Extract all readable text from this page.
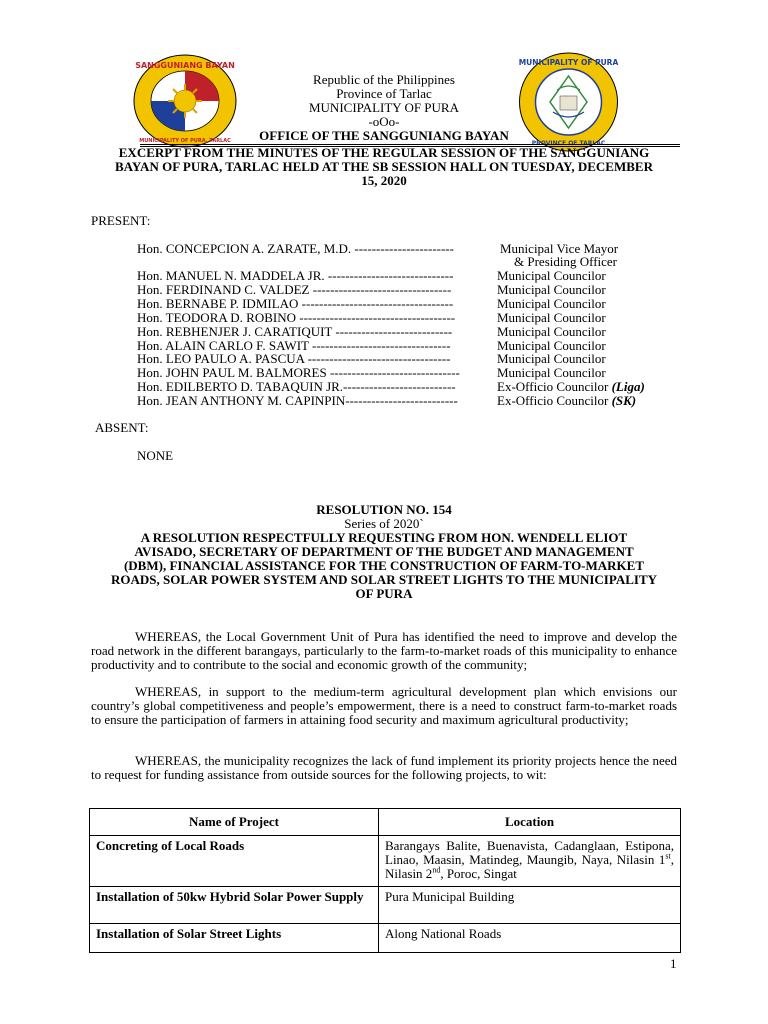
SANGGUNIANG BAYAN
MUNICIPALITY OF PURA, TARLAC
MUNICIPALITY OF PURA
PROVINCE OF TARLAC
Republic of the Philippines
Province of Tarlac
MUNICIPALITY OF PURA
-oOo-
OFFICE OF THE SANGGUNIANG BAYAN
EXCERPT FROM THE MINUTES OF THE REGULAR SESSION OF THE SANGGUNIANG
BAYAN OF PURA, TARLAC HELD AT THE SB SESSION HALL ON TUESDAY, DECEMBER
15, 2020
PRESENT:
Hon. CONCEPCION A. ZARATE, M.D. -----------------------	Municipal Vice Mayor
& Presiding Officer
Hon. MANUEL N. MADDELA JR. -----------------------------	Municipal Councilor
Hon. FERDINAND C. VALDEZ --------------------------------	Municipal Councilor
Hon. BERNABE P. IDMILAO -----------------------------------	Municipal Councilor
Hon. TEODORA D. ROBINO ------------------------------------	Municipal Councilor
Hon. REBHENJER J. CARATIQUIT ---------------------------	Municipal Councilor
Hon. ALAIN CARLO F. SAWIT --------------------------------	Municipal Councilor
Hon. LEO PAULO A. PASCUA ---------------------------------	Municipal Councilor
Hon. JOHN PAUL M. BALMORES ------------------------------	Municipal Councilor
Hon. EDILBERTO D. TABAQUIN JR.--------------------------	Ex-Officio Councilor (Liga)
Hon. JEAN ANTHONY M. CAPINPIN--------------------------	Ex-Officio Councilor (SK)
ABSENT:
NONE
RESOLUTION NO. 154
Series of 2020`
A RESOLUTION RESPECTFULLY REQUESTING FROM HON. WENDELL ELIOT
AVISADO, SECRETARY OF DEPARTMENT OF THE BUDGET AND MANAGEMENT
(DBM), FINANCIAL ASSISTANCE FOR THE CONSTRUCTION OF FARM-TO-MARKET
ROADS, SOLAR POWER SYSTEM AND SOLAR STREET LIGHTS TO THE MUNICIPALITY
OF PURA
WHEREAS, the Local Government Unit of Pura has identified the need to improve and develop the road network in the different barangays, particularly to the farm-to-market roads of this municipality to enhance productivity and to contribute to the social and economic growth of the community;
WHEREAS, in support to the medium-term agricultural development plan which envisions our country’s global competitiveness and people’s empowerment, there is a need to construct farm-to-market roads to ensure the participation of farmers in attaining food security and maximum agricultural productivity;
WHEREAS, the municipality recognizes the lack of fund implement its priority projects hence the need to request for funding assistance from outside sources for the following projects, to wit:
Name of Project	Location
Concreting of Local Roads	Barangays Balite, Buenavista, Cadanglaan, Estipona, Linao, Maasin, Matindeg, Maungib, Naya, Nilasin 1st, Nilasin 2nd, Poroc, Singat
Installation of 50kw Hybrid Solar Power Supply	Pura Municipal Building
Installation of Solar Street Lights	Along National Roads
1
